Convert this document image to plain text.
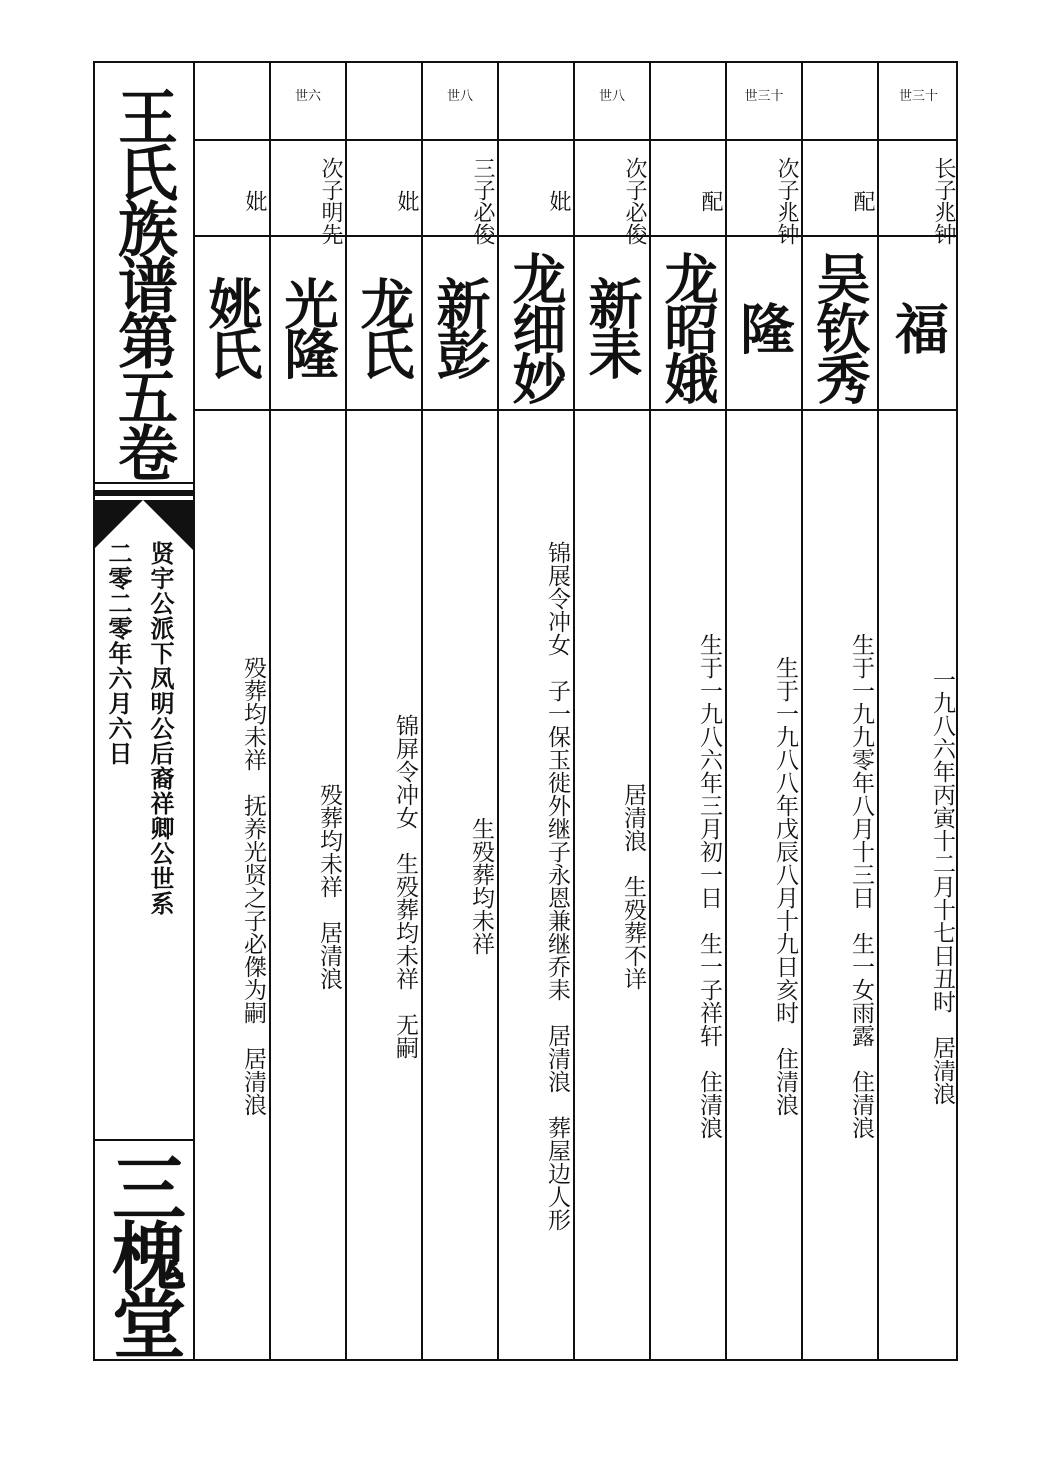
王氏族谱第五卷
贤宇公派下凤明公后裔祥卿公世系
二零二零年六月六日
三槐堂
妣
姚氏
殁葬均未祥　抚养光贤之子必傑为嗣　居清浪
世六
次子明先
光隆
殁葬均未祥　居清浪
妣
龙氏
锦屏令冲女　生殁葬均未祥　无嗣
世八
三子必俊
新彭
生殁葬均未祥
妣
龙细妙
锦展令冲女　子一保玉徙外继子永恩兼继乔耒　居清浪　葬屋边人形
世八
次子必俊
新耒
居清浪　生殁葬不详
配
龙昭娥
生于一九八六年三月初一日　生一子祥轩　住清浪
世三十
次子兆钟
隆
生于一九八八年戊辰八月十九日亥时　住清浪
配
吴钦秀
生于一九九零年八月十三日　生一女雨露　住清浪
世三十
长子兆钟
福
一九八六年丙寅十二月十七日丑时　居清浪
